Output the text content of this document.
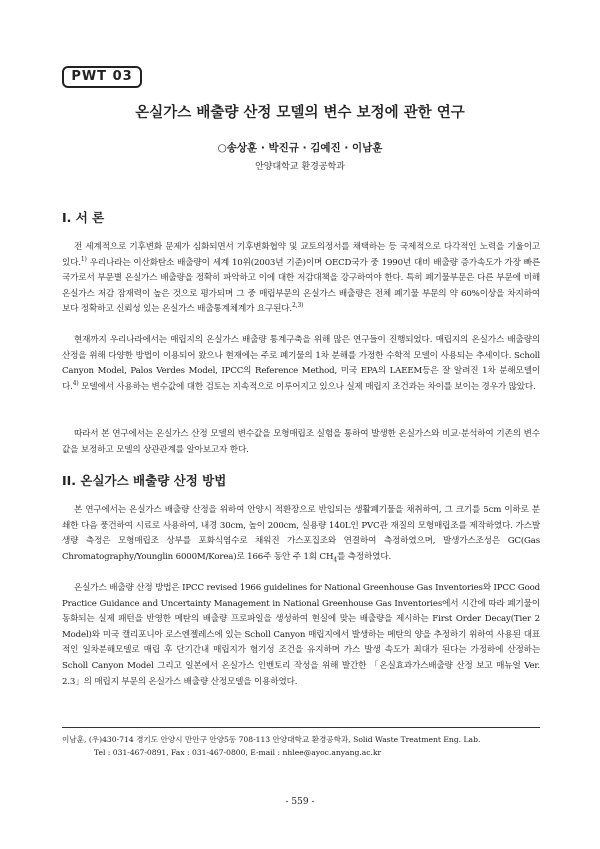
PWT 03
온실가스 배출량 산정 모델의 변수 보정에 관한 연구
○송상훈 · 박진규 · 김예진 · 이남훈
안양대학교 환경공학과
I. 서 론

전 세계적으로 기후변화 문제가 심화되면서 기후변화협약 및 교토의정서를 채택하는 등 국제적으로 다각적인 노력을 기울이고 있다.$^{1)}$ 우리나라는 이산화탄소 배출량이 세계 10위(2003년 기준)이며 OECD국가 중 1990년 대비 배출량 증가속도가 가장 빠른 국가로서 부문별 온실가스 배출량을 정확히 파악하고 이에 대한 저감대책을 강구하여야 한다. 특히 폐기물부문은 다른 부문에 비해 온실가스 저감 잠재력이 높은 것으로 평가되며 그 중 매립부문의 온실가스 배출량은 전체 폐기물 부문의 약 60%이상을 차지하여 보다 정확하고 신뢰성 있는 온실가스 배출통계체계가 요구된다.$^{2,3)}$

현재까지 우리나라에서는 매립지의 온실가스 배출량 통계구축을 위해 많은 연구들이 진행되었다. 매립지의 온실가스 배출량의 산정을 위해 다양한 방법이 이용되어 왔으나 현재에는 주로 폐기물의 1차 분해를 가정한 수학적 모델이 사용되는 추세이다. Scholl Canyon Model, Palos Verdes Model, IPCC의 Reference Method, 미국 EPA의 LAEEM등은 잘 알려진 1차 분해모델이다.$^{4)}$ 모델에서 사용하는 변수값에 대한 검토는 지속적으로 이루어지고 있으나 실제 매립지 조건과는 차이를 보이는 경우가 많았다.

따라서 본 연구에서는 온실가스 산정 모델의 변수값을 모형매립조 실험을 통하여 발생한 온실가스와 비교·분석하여 기존의 변수값을 보정하고 모델의 상관관계를 알아보고자 한다.

II. 온실가스 배출량 산정 방법

본 연구에서는 온실가스 배출량 산정을 위하여 안양시 적환장으로 반입되는 생활폐기물을 채취하여, 그 크기를 5cm 이하로 분쇄한 다음 풍건하여 시료로 사용하여, 내경 30cm, 높이 200cm, 실용량 140L인 PVC관 재질의 모형매립조를 제작하였다. 가스발생량 측정은 모형매립조 상부를 포화식염수로 채워진 가스포집조와 연결하여 측정하였으며, 발생가스조성은 GC(Gas Chromatography/Younglin 6000M/Korea)로 166주 동안 주 1회 $CH_4$를 측정하였다.

온실가스 배출량 산정 방법은 IPCC revised 1966 guidelines for National Greenhouse Gas Inventories와 IPCC Good Practice Guidance and Uncertainty Management in National Greenhouse Gas Inventories에서 시간에 따라 폐기물이 동화되는 실제 패턴을 반영한 메탄의 배출량 프로파일을 생성하여 현실에 맞는 배출량을 제시하는 First Order Decay(Tier 2 Model)와 미국 캘리포니아 로스엔젤레스에 있는 Scholl Canyon 매립지에서 발생하는 메탄의 양을 추정하기 위하여 사용된 대표적인 일차분해모델로 매립 후 단기간내 매립지가 혐기성 조건을 유지하며 가스 발생 속도가 최대가 된다는 가정하에 산정하는 Scholl Canyon Model 그리고 일본에서 온실가스 인벤토리 작성을 위해 발간한 「온실효과가스배출량 산정 보고 매뉴얼 Ver. 2.3」의 매립지 부문의 온실가스 배출량 산정모델을 이용하였다.

이남훈, (우)430-714 경기도 안양시 만안구 안양5동 708-113 안양대학교 환경공학과, Solid Waste Treatment Eng. Lab.
Tel : 031-467-0891, Fax : 031-467-0800, E-mail : nhlee@ayoc.anyang.ac.kr
- 559 -
